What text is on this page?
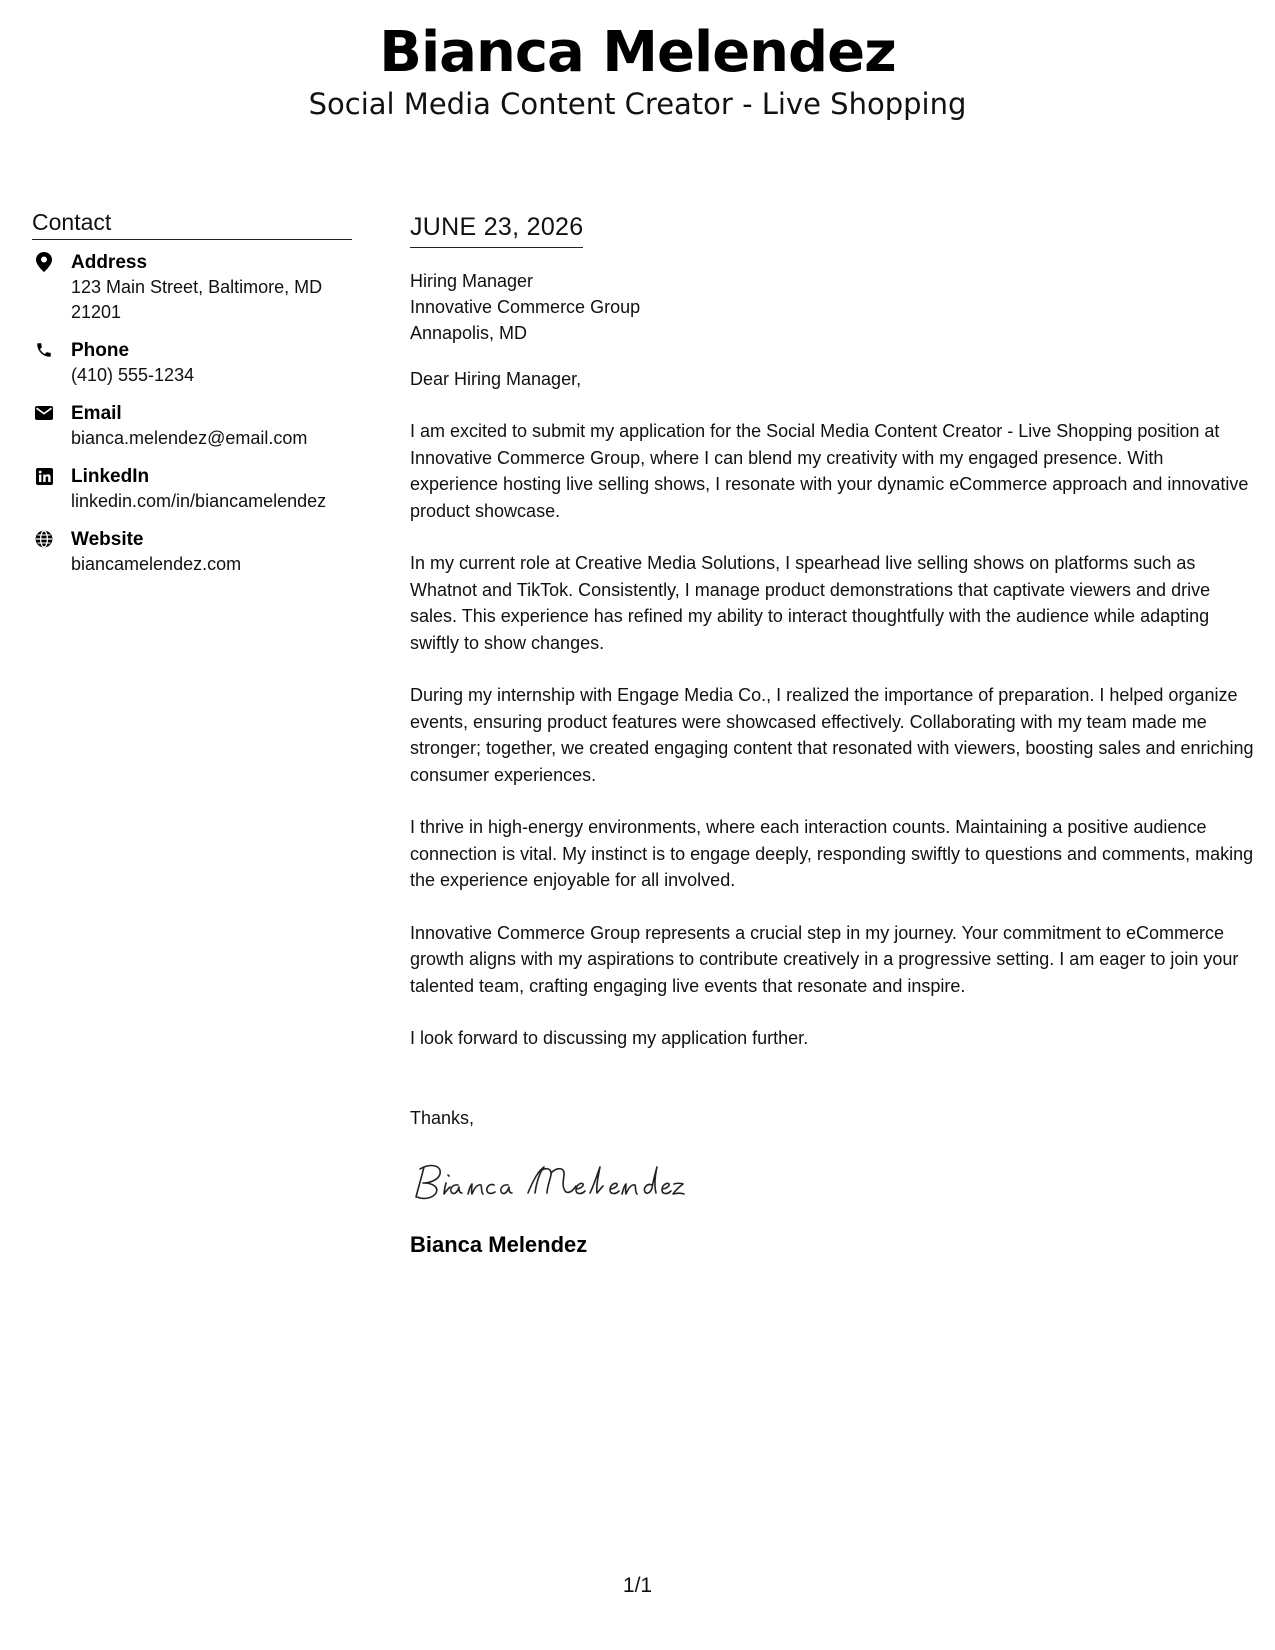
Bianca Melendez
Social Media Content Creator - Live Shopping
Contact
Address
123 Main Street, Baltimore, MD 21201
Phone
(410) 555-1234
Email
bianca.melendez@email.com
LinkedIn
linkedin.com/in/biancamelendez
Website
biancamelendez.com
JUNE 23, 2026
Hiring Manager
Innovative Commerce Group
Annapolis, MD
Dear Hiring Manager,
I am excited to submit my application for the Social Media Content Creator - Live Shopping position at Innovative Commerce Group, where I can blend my creativity with my engaged presence. With experience hosting live selling shows, I resonate with your dynamic eCommerce approach and innovative product showcase.
In my current role at Creative Media Solutions, I spearhead live selling shows on platforms such as Whatnot and TikTok. Consistently, I manage product demonstrations that captivate viewers and drive sales. This experience has refined my ability to interact thoughtfully with the audience while adapting swiftly to show changes.
During my internship with Engage Media Co., I realized the importance of preparation. I helped organize events, ensuring product features were showcased effectively. Collaborating with my team made me stronger; together, we created engaging content that resonated with viewers, boosting sales and enriching consumer experiences.
I thrive in high-energy environments, where each interaction counts. Maintaining a positive audience connection is vital. My instinct is to engage deeply, responding swiftly to questions and comments, making the experience enjoyable for all involved.
Innovative Commerce Group represents a crucial step in my journey. Your commitment to eCommerce growth aligns with my aspirations to contribute creatively in a progressive setting. I am eager to join your talented team, crafting engaging live events that resonate and inspire.
I look forward to discussing my application further.
Thanks,
Bianca Melendez
1/1
